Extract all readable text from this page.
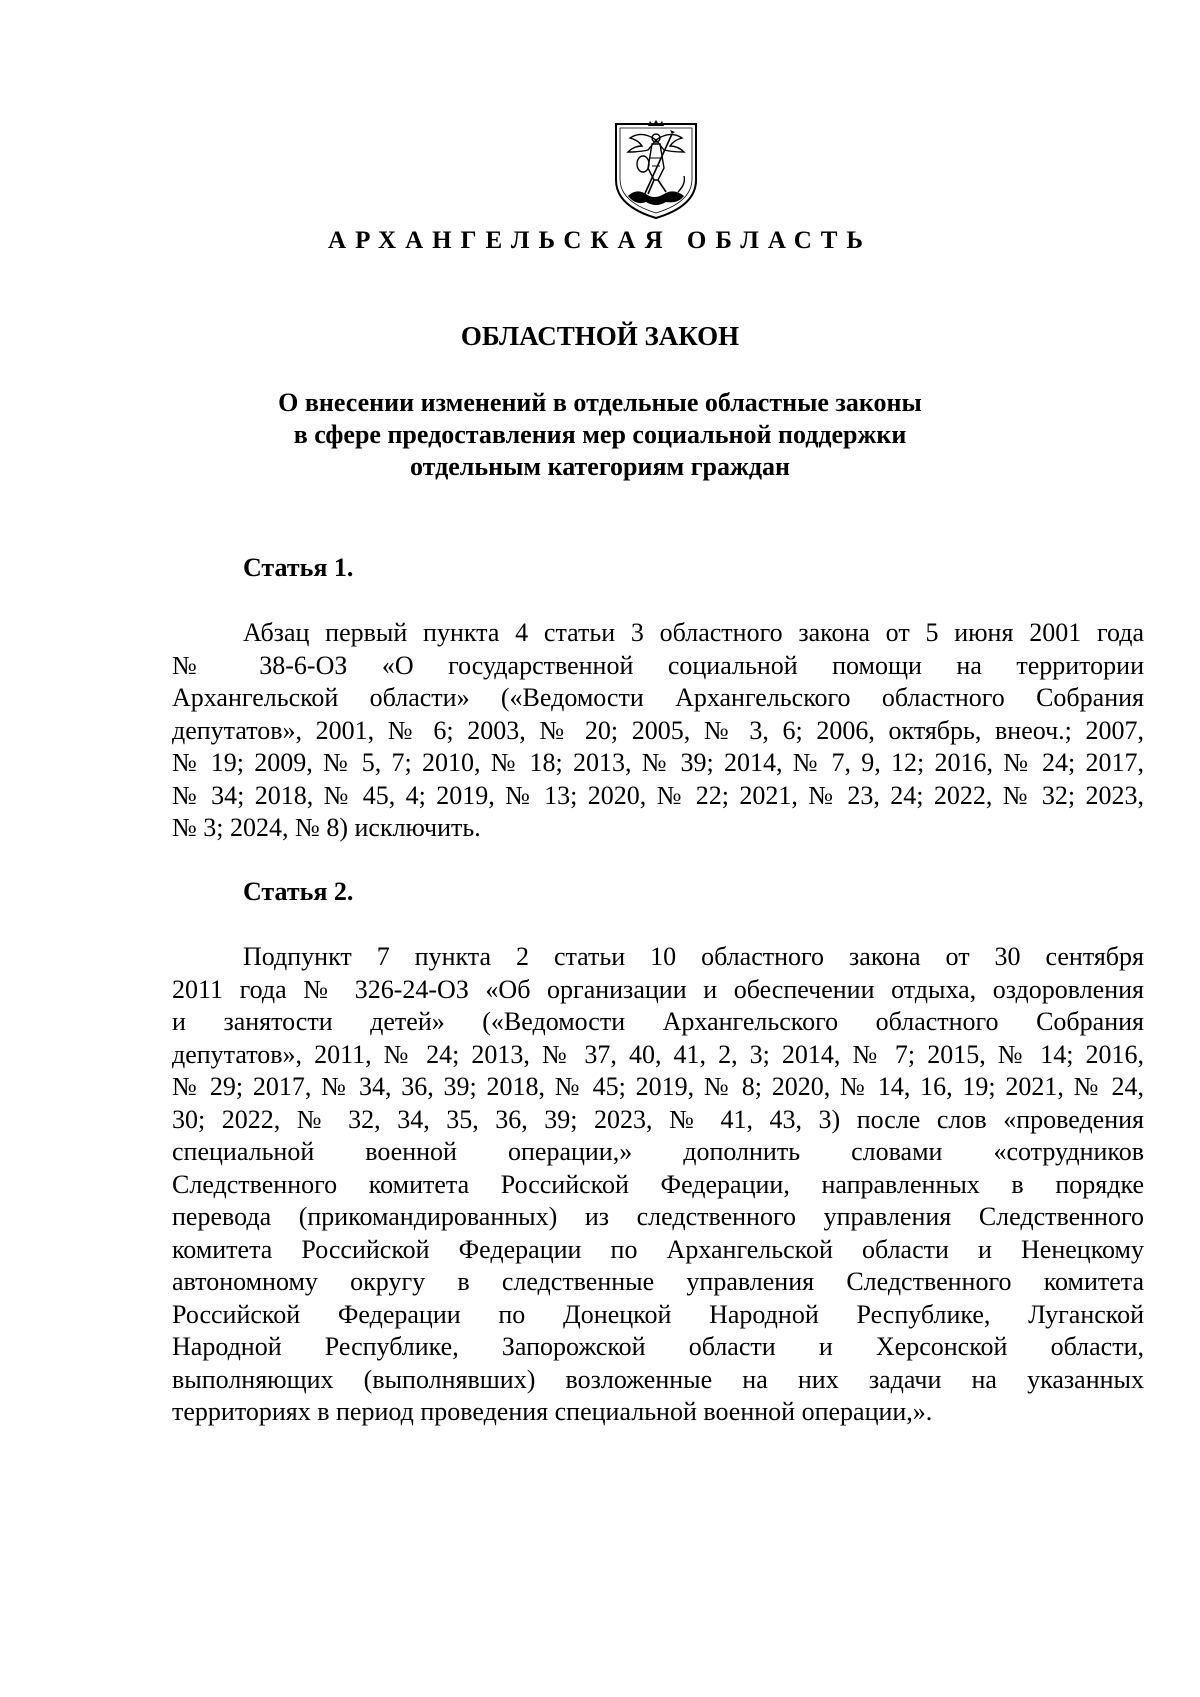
АРХАНГЕЛЬСКАЯ ОБЛАСТЬ
ОБЛАСТНОЙ ЗАКОН
О внесении изменений в отдельные областные законы
в сфере предоставления мер социальной поддержки
отдельным категориям граждан
Статья 1.
Абзац первый пункта 4 статьи 3 областного закона от 5 июня 2001 года
№ 38-6-ОЗ «О государственной социальной помощи на территории
Архангельской области» («Ведомости Архангельского областного Собрания
депутатов», 2001, № 6; 2003, № 20; 2005, № 3, 6; 2006, октябрь, внеоч.; 2007,
№ 19; 2009, № 5, 7; 2010, № 18; 2013, № 39; 2014, № 7, 9, 12; 2016, № 24; 2017,
№ 34; 2018, № 45, 4; 2019, № 13; 2020, № 22; 2021, № 23, 24; 2022, № 32; 2023,
№ 3; 2024, № 8) исключить.
Статья 2.
Подпункт 7 пункта 2 статьи 10 областного закона от 30 сентября
2011 года № 326-24-ОЗ «Об организации и обеспечении отдыха, оздоровления
и занятости детей» («Ведомости Архангельского областного Собрания
депутатов», 2011, № 24; 2013, № 37, 40, 41, 2, 3; 2014, № 7; 2015, № 14; 2016,
№ 29; 2017, № 34, 36, 39; 2018, № 45; 2019, № 8; 2020, № 14, 16, 19; 2021, № 24,
30; 2022, № 32, 34, 35, 36, 39; 2023, № 41, 43, 3) после слов «проведения
специальной военной операции,» дополнить словами «сотрудников
Следственного комитета Российской Федерации, направленных в порядке
перевода (прикомандированных) из следственного управления Следственного
комитета Российской Федерации по Архангельской области и Ненецкому
автономному округу в следственные управления Следственного комитета
Российской Федерации по Донецкой Народной Республике, Луганской
Народной Республике, Запорожской области и Херсонской области,
выполняющих (выполнявших) возложенные на них задачи на указанных
территориях в период проведения специальной военной операции,».
